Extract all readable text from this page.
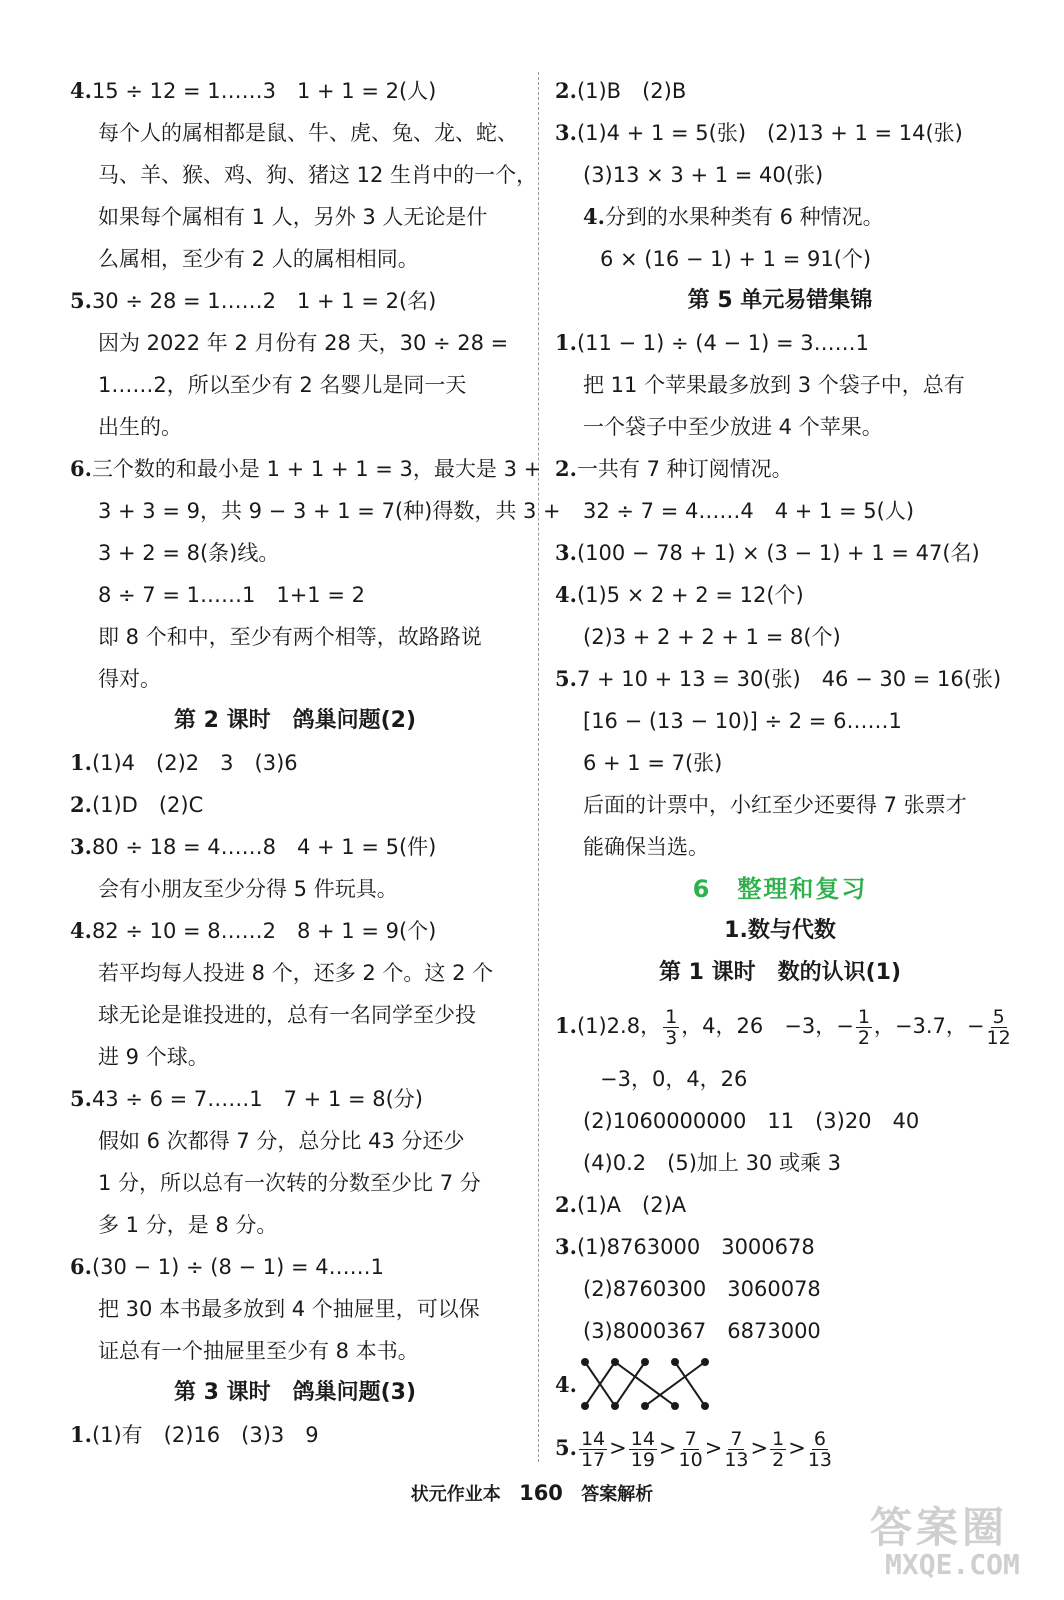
4.15 ÷ 12 = 1……3　1 + 1 = 2(人)
每个人的属相都是鼠、牛、虎、兔、龙、蛇、
马、羊、猴、鸡、狗、猪这 12 生肖中的一个，
如果每个属相有 1 人，另外 3 人无论是什
么属相，至少有 2 人的属相相同。
5.30 ÷ 28 = 1……2　1 + 1 = 2(名)
因为 2022 年 2 月份有 28 天，30 ÷ 28 =
1……2，所以至少有 2 名婴儿是同一天
出生的。
6.三个数的和最小是 1 + 1 + 1 = 3，最大是 3 +
3 + 3 = 9，共 9 − 3 + 1 = 7(种)得数，共 3 +
3 + 2 = 8(条)线。
8 ÷ 7 = 1……1　1+1 = 2
即 8 个和中，至少有两个相等，故路路说
得对。
第 2 课时　鸽巢问题(2)
1.(1)4　(2)2　3　(3)6
2.(1)D　(2)C
3.80 ÷ 18 = 4……8　4 + 1 = 5(件)
会有小朋友至少分得 5 件玩具。
4.82 ÷ 10 = 8……2　8 + 1 = 9(个)
若平均每人投进 8 个，还多 2 个。这 2 个
球无论是谁投进的，总有一名同学至少投
进 9 个球。
5.43 ÷ 6 = 7……1　7 + 1 = 8(分)
假如 6 次都得 7 分，总分比 43 分还少
1 分，所以总有一次转的分数至少比 7 分
多 1 分，是 8 分。
6.(30 − 1) ÷ (8 − 1) = 4……1
把 30 本书最多放到 4 个抽屉里，可以保
证总有一个抽屉里至少有 8 本书。
第 3 课时　鸽巢问题(3)
1.(1)有　(2)16　(3)3　9
2.(1)B　(2)B
3.(1)4 + 1 = 5(张)　(2)13 + 1 = 14(张)
(3)13 × 3 + 1 = 40(张)
4.分到的水果种类有 6 种情况。
6 × (16 − 1) + 1 = 91(个)
第 5 单元易错集锦
1.(11 − 1) ÷ (4 − 1) = 3……1
把 11 个苹果最多放到 3 个袋子中，总有
一个袋子中至少放进 4 个苹果。
2.一共有 7 种订阅情况。
32 ÷ 7 = 4……4　4 + 1 = 5(人)
3.(100 − 78 + 1) × (3 − 1) + 1 = 47(名)
4.(1)5 × 2 + 2 = 12(个)
(2)3 + 2 + 2 + 1 = 8(个)
5.7 + 10 + 13 = 30(张)　46 − 30 = 16(张)
[16 − (13 − 10)] ÷ 2 = 6……1
6 + 1 = 7(张)
后面的计票中，小红至少还要得 7 张票才
能确保当选。
6　整理和复习
1.数与代数
第 1 课时　数的认识(1)
1.(1)2.8， $\frac{1}{3}$ ，4，26　−3，− $\frac{1}{2}$ ，−3.7，− $\frac{5}{12}$
−3，0，4，26
(2)1060000000　11　(3)20　40
(4)0.2　(5)加上 30 或乘 3
2.(1)A　(2)A
3.(1)8763000　3000678
(2)8760300　3060078
(3)8000367　6873000
4.
5. $\frac{14}{17} > \frac{14}{19} > \frac{7}{10} > \frac{7}{13} > \frac{1}{2} > \frac{6}{13}$
状元作业本 160 答案解析
答案圈
MXQE.COM
